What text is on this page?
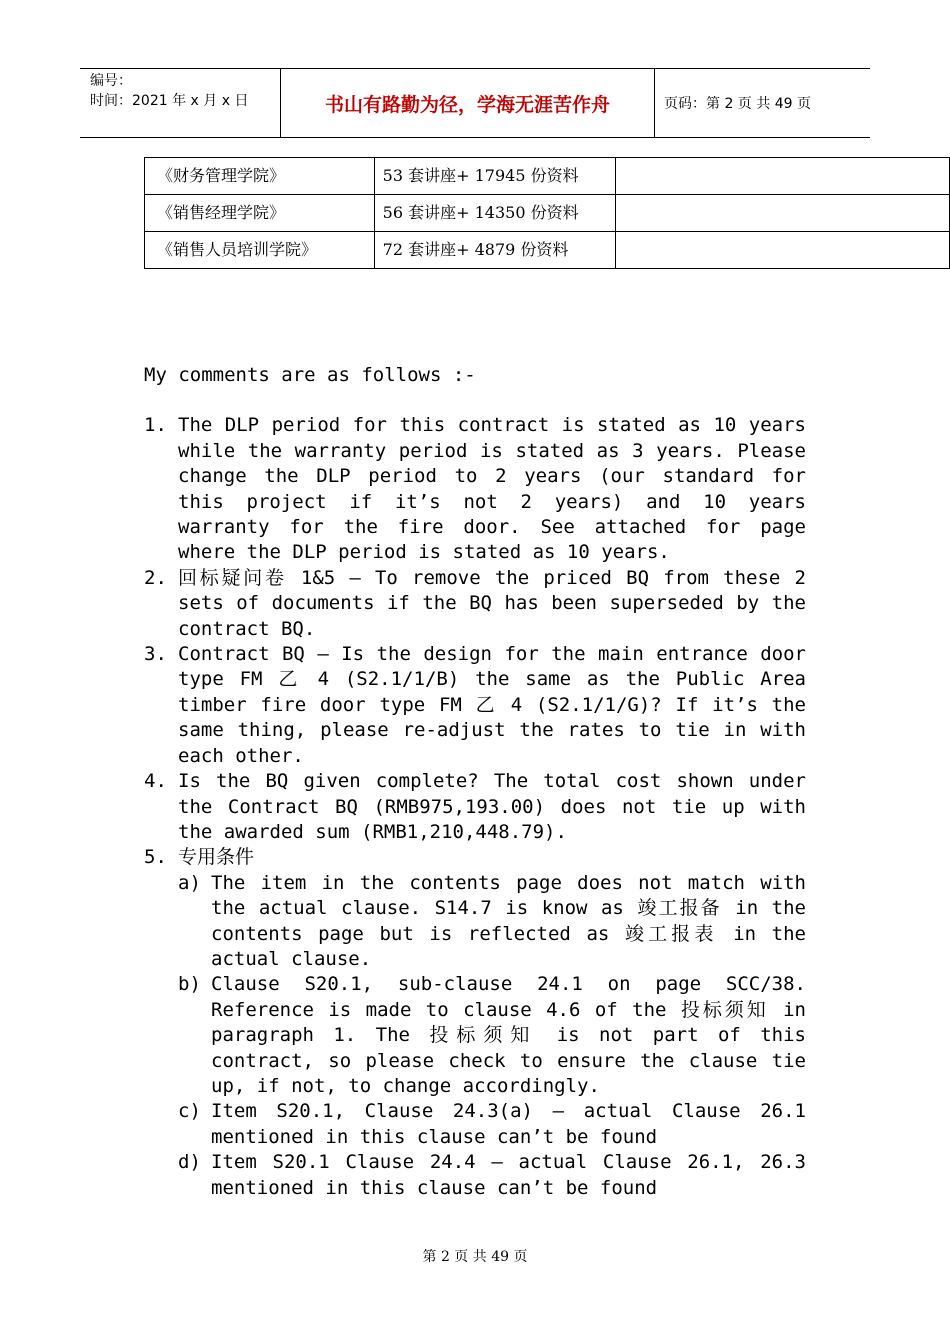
编号：
时间：2021 年 x 月 x 日	书山有路勤为径，学海无涯苦作舟	页码：第 2 页 共 49 页
《财务管理学院》	53 套讲座+ 17945 份资料	
《销售经理学院》	56 套讲座+ 14350 份资料	
《销售人员培训学院》	72 套讲座+ 4879 份资料	

My comments are as follows :-

1. The DLP period for this contract is stated as 10 years while the warranty period is stated as 3 years. Please change the DLP period to 2 years (our standard for this project if it’s not 2 years) and 10 years warranty for the fire door. See attached for page where the DLP period is stated as 10 years.
2. 回标疑问卷 1&5 – To remove the priced BQ from these 2 sets of documents if the BQ has been superseded by the contract BQ.
3. Contract BQ – Is the design for the main entrance door type FM 乙 4 (S2.1/1/B) the same as the Public Area timber fire door type FM 乙 4 (S2.1/1/G)? If it’s the same thing, please re-adjust the rates to tie in with each other.
4. Is the BQ given complete? The total cost shown under the Contract BQ (RMB975,193.00) does not tie up with the awarded sum (RMB1,210,448.79).
5. 专用条件
a) The item in the contents page does not match with the actual clause. S14.7 is know as 竣工报备 in the contents page but is reflected as 竣工报表 in the actual clause.
b) Clause S20.1, sub-clause 24.1 on page SCC/38. Reference is made to clause 4.6 of the 投标须知 in paragraph 1. The 投标须知 is not part of this contract, so please check to ensure the clause tie up, if not, to change accordingly.
c) Item S20.1, Clause 24.3(a) – actual Clause 26.1 mentioned in this clause can’t be found
d) Item S20.1 Clause 24.4 – actual Clause 26.1, 26.3 mentioned in this clause can’t be found
第 2 页 共 49 页
